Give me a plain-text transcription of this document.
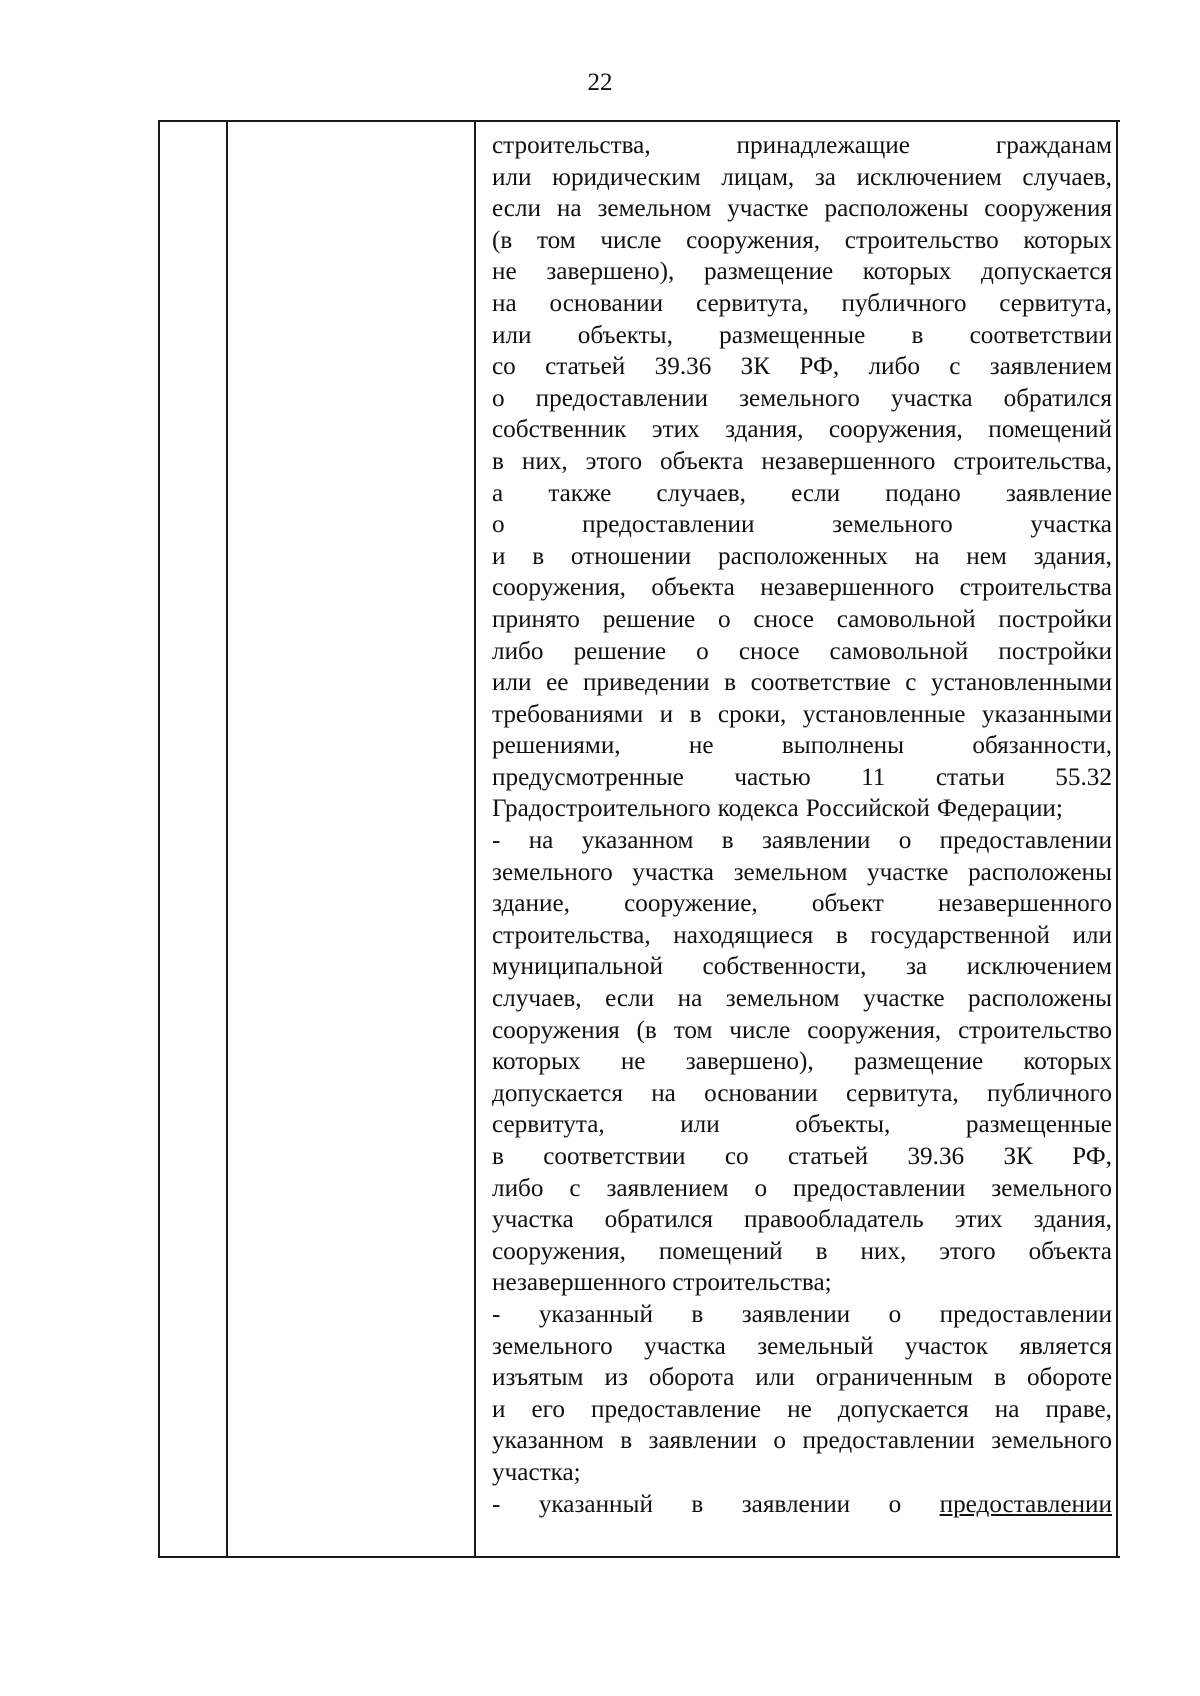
22
строительства,	принадлежащие	гражданам
или юридическим лицам, за исключением случаев,
если на земельном участке расположены сооружения
(в том числе сооружения, строительство которых
не завершено), размещение которых допускается
на основании сервитута, публичного сервитута,
или объекты, размещенные в соответствии
со статьей 39.36 ЗК РФ, либо с заявлением
о предоставлении земельного участка обратился
собственник этих здания, сооружения, помещений
в них, этого объекта незавершенного строительства,
а также случаев, если подано заявление
о	предоставлении	земельного	участка
и в отношении расположенных на нем здания,
сооружения, объекта незавершенного строительства
принято решение о сносе самовольной постройки
либо решение о сносе самовольной постройки
или ее приведении в соответствие с установленными
требованиями и в сроки, установленные указанными
решениями,	не	выполнены	обязанности,
предусмотренные частью 11 статьи 55.32
Градостроительного кодекса Российской Федерации;
- на указанном в заявлении о предоставлении
земельного участка земельном участке расположены
здание, сооружение, объект незавершенного
строительства, находящиеся в государственной или
муниципальной собственности, за исключением
случаев, если на земельном участке расположены
сооружения (в том числе сооружения, строительство
которых не завершено), размещение которых
допускается на основании сервитута, публичного
сервитута,	или	объекты,	размещенные
в соответствии со статьей 39.36 ЗК РФ,
либо с заявлением о предоставлении земельного
участка обратился правообладатель этих здания,
сооружения, помещений в них, этого объекта
незавершенного строительства;
- указанный в заявлении о предоставлении
земельного участка земельный участок является
изъятым из оборота или ограниченным в обороте
и его предоставление не допускается на праве,
указанном в заявлении о предоставлении земельного
участка;
- указанный в заявлении о предоставлении
